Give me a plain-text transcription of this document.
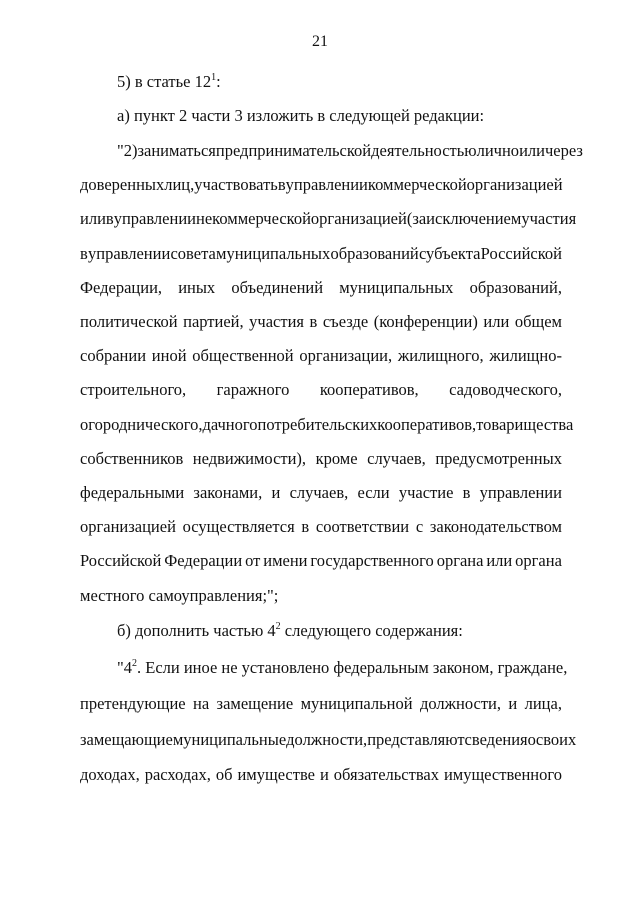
21
5) в статье $12^1$:
а) пункт 2 части 3 изложить в следующей редакции:
"2) заниматься предпринимательской деятельностью лично или через
доверенных лиц, участвовать в управлении коммерческой организацией
или в управлении некоммерческой организацией (за исключением участия
в управлении совета муниципальных образований субъекта Российской
Федерации, иных объединений муниципальных образований,
политической партией, участия в съезде (конференции) или общем
собрании иной общественной организации, жилищного, жилищно-
строительного, гаражного кооперативов, садоводческого,
огороднического, дачного потребительских кооперативов, товарищества
собственников недвижимости), кроме случаев, предусмотренных
федеральными законами, и случаев, если участие в управлении
организацией осуществляется в соответствии с законодательством
Российской Федерации от имени государственного органа или органа
местного самоуправления;";
б) дополнить частью $4^2$ следующего содержания:
"$4^2$. Если иное не установлено федеральным законом, граждане,
претендующие на замещение муниципальной должности, и лица,
замещающие муниципальные должности, представляют сведения о своих
доходах, расходах, об имуществе и обязательствах имущественного
